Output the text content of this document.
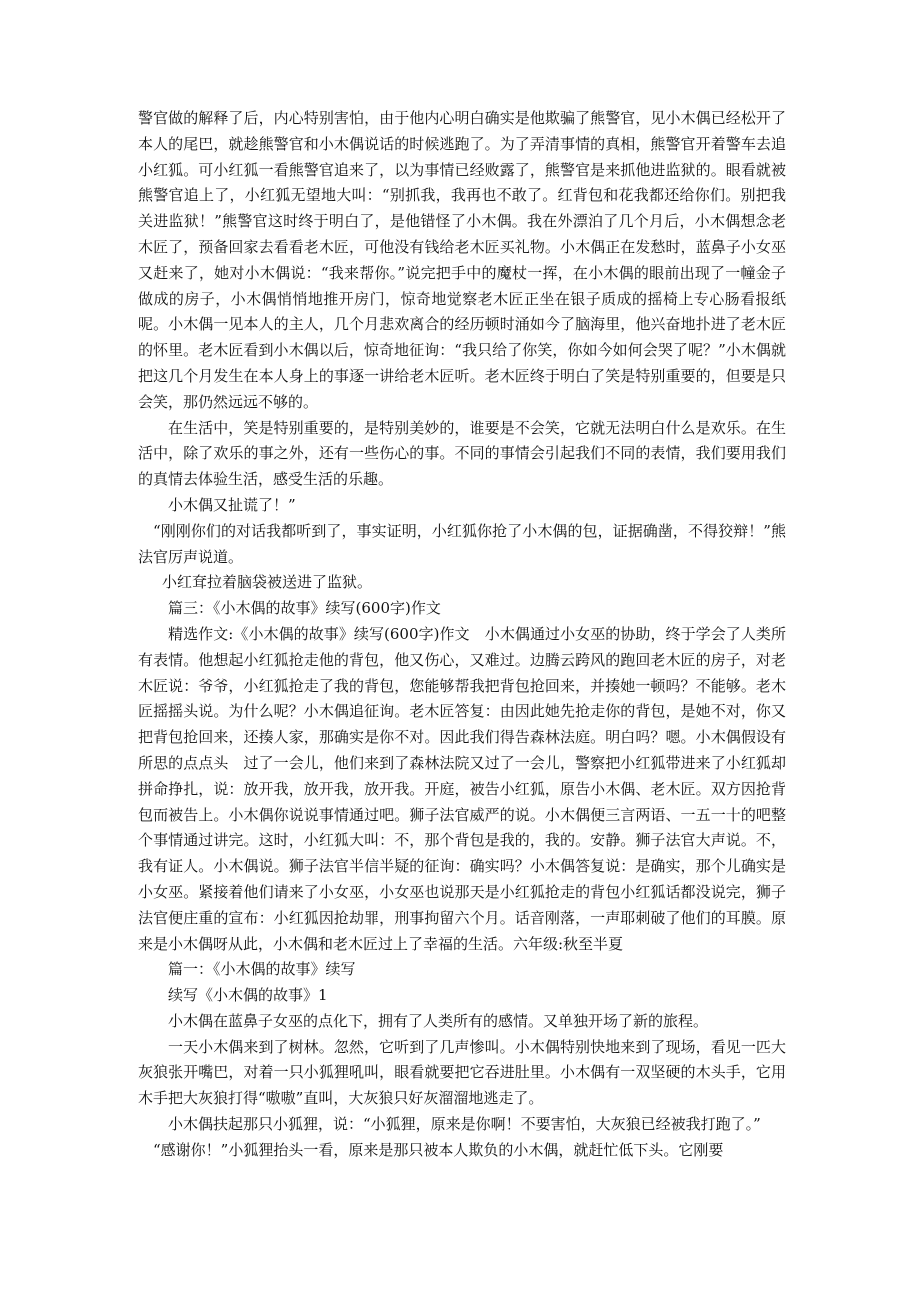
警官做的解释了后，内心特别害怕，由于他内心明白确实是他欺骗了熊警官，见小木偶已经松开了本人的尾巴，就趁熊警官和小木偶说话的时候逃跑了。为了弄清事情的真相，熊警官开着警车去追小红狐。可小红狐一看熊警官追来了，以为事情已经败露了，熊警官是来抓他进监狱的。眼看就被熊警官追上了，小红狐无望地大叫：“别抓我，我再也不敢了。红背包和花我都还给你们。别把我关进监狱！”熊警官这时终于明白了，是他错怪了小木偶。我在外漂泊了几个月后，小木偶想念老木匠了，预备回家去看看老木匠，可他没有钱给老木匠买礼物。小木偶正在发愁时，蓝鼻子小女巫又赶来了，她对小木偶说：“我来帮你。”说完把手中的魔杖一挥，在小木偶的眼前出现了一幢金子做成的房子，小木偶悄悄地推开房门，惊奇地觉察老木匠正坐在银子质成的摇椅上专心肠看报纸呢。小木偶一见本人的主人，几个月悲欢离合的经历顿时涌如今了脑海里，他兴奋地扑进了老木匠的怀里。老木匠看到小木偶以后，惊奇地征询：“我只给了你笑，你如今如何会哭了呢？”小木偶就把这几个月发生在本人身上的事逐一讲给老木匠听。老木匠终于明白了笑是特别重要的，但要是只会笑，那仍然远远不够的。

在生活中，笑是特别重要的，是特别美妙的，谁要是不会笑，它就无法明白什么是欢乐。在生活中，除了欢乐的事之外，还有一些伤心的事。不同的事情会引起我们不同的表情，我们要用我们的真情去体验生活，感受生活的乐趣。

小木偶又扯谎了！”

“刚刚你们的对话我都听到了，事实证明，小红狐你抢了小木偶的包，证据确凿，不得狡辩！”熊法官厉声说道。

小红耷拉着脑袋被送进了监狱。

篇三：《小木偶的故事》续写(600字)作文

精选作文:《小木偶的故事》续写(600字)作文　小木偶通过小女巫的协助，终于学会了人类所有表情。他想起小红狐抢走他的背包，他又伤心，又难过。边腾云跨风的跑回老木匠的房子，对老木匠说：爷爷，小红狐抢走了我的背包，您能够帮我把背包抢回来，并揍她一顿吗？不能够。老木匠摇摇头说。为什么呢？小木偶追征询。老木匠答复：由因此她先抢走你的背包，是她不对，你又把背包抢回来，还揍人家，那确实是你不对。因此我们得告森林法庭。明白吗？嗯。小木偶假设有所思的点点头　过了一会儿，他们来到了森林法院又过了一会儿，警察把小红狐带进来了小红狐却拼命挣扎，说：放开我，放开我，放开我。开庭，被告小红狐，原告小木偶、老木匠。双方因抢背包而被告上。小木偶你说说事情通过吧。狮子法官威严的说。小木偶便三言两语、一五一十的吧整个事情通过讲完。这时，小红狐大叫：不，那个背包是我的，我的。安静。狮子法官大声说。不，我有证人。小木偶说。狮子法官半信半疑的征询：确实吗？小木偶答复说：是确实，那个儿确实是小女巫。紧接着他们请来了小女巫，小女巫也说那天是小红狐抢走的背包小红狐话都没说完，狮子法官便庄重的宣布：小红狐因抢劫罪，刑事拘留六个月。话音刚落，一声耶刺破了他们的耳膜。原来是小木偶呀从此，小木偶和老木匠过上了幸福的生活。六年级:秋至半夏

篇一：《小木偶的故事》续写

续写《小木偶的故事》1

小木偶在蓝鼻子女巫的点化下，拥有了人类所有的感情。又单独开场了新的旅程。

一天小木偶来到了树林。忽然，它听到了几声惨叫。小木偶特别快地来到了现场，看见一匹大灰狼张开嘴巴，对着一只小狐狸吼叫，眼看就要把它吞进肚里。小木偶有一双坚硬的木头手，它用木手把大灰狼打得“嗷嗷”直叫，大灰狼只好灰溜溜地逃走了。

小木偶扶起那只小狐狸，说：“小狐狸，原来是你啊！不要害怕，大灰狼已经被我打跑了。”

“感谢你！”小狐狸抬头一看，原来是那只被本人欺负的小木偶，就赶忙低下头。它刚要
